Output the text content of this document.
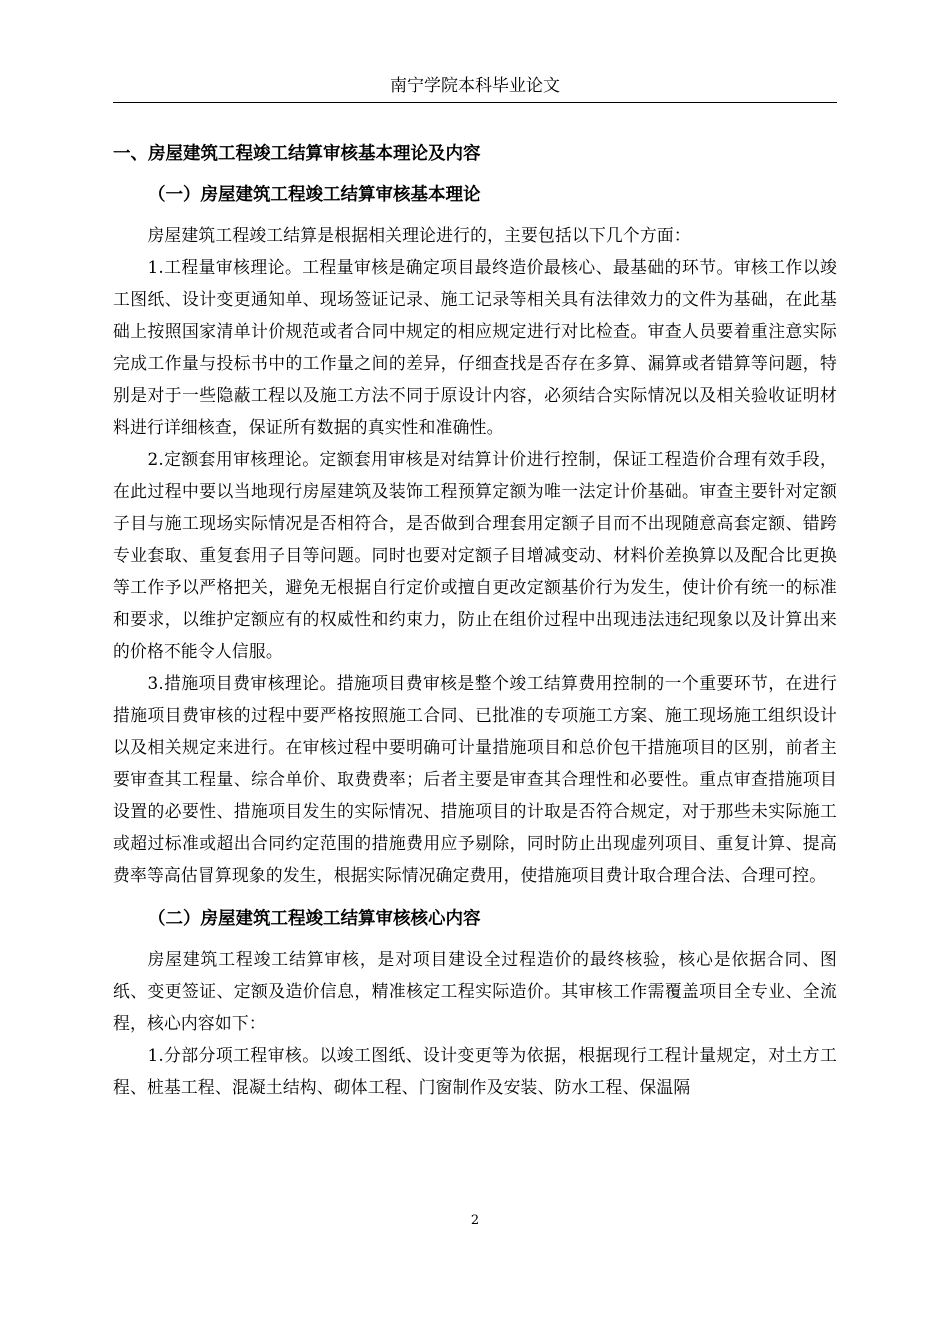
南宁学院本科毕业论文
一、房屋建筑工程竣工结算审核基本理论及内容
（一）房屋建筑工程竣工结算审核基本理论

房屋建筑工程竣工结算是根据相关理论进行的，主要包括以下几个方面：

1.工程量审核理论。工程量审核是确定项目最终造价最核心、最基础的环节。审核工作以竣工图纸、设计变更通知单、现场签证记录、施工记录等相关具有法律效力的文件为基础，在此基础上按照国家清单计价规范或者合同中规定的相应规定进行对比检查。审查人员要着重注意实际完成工作量与投标书中的工作量之间的差异，仔细查找是否存在多算、漏算或者错算等问题，特别是对于一些隐蔽工程以及施工方法不同于原设计内容，必须结合实际情况以及相关验收证明材料进行详细核查，保证所有数据的真实性和准确性。

2.定额套用审核理论。定额套用审核是对结算计价进行控制，保证工程造价合理有效手段，在此过程中要以当地现行房屋建筑及装饰工程预算定额为唯一法定计价基础。审查主要针对定额子目与施工现场实际情况是否相符合，是否做到合理套用定额子目而不出现随意高套定额、错跨专业套取、重复套用子目等问题。同时也要对定额子目增减变动、材料价差换算以及配合比更换等工作予以严格把关，避免无根据自行定价或擅自更改定额基价行为发生，使计价有统一的标准和要求，以维护定额应有的权威性和约束力，防止在组价过程中出现违法违纪现象以及计算出来的价格不能令人信服。

3.措施项目费审核理论。措施项目费审核是整个竣工结算费用控制的一个重要环节，在进行措施项目费审核的过程中要严格按照施工合同、已批准的专项施工方案、施工现场施工组织设计以及相关规定来进行。在审核过程中要明确可计量措施项目和总价包干措施项目的区别，前者主要审查其工程量、综合单价、取费费率；后者主要是审查其合理性和必要性。重点审查措施项目设置的必要性、措施项目发生的实际情况、措施项目的计取是否符合规定，对于那些未实际施工或超过标准或超出合同约定范围的措施费用应予剔除，同时防止出现虚列项目、重复计算、提高费率等高估冒算现象的发生，根据实际情况确定费用，使措施项目费计取合理合法、合理可控。

（二）房屋建筑工程竣工结算审核核心内容

房屋建筑工程竣工结算审核，是对项目建设全过程造价的最终核验，核心是依据合同、图纸、变更签证、定额及造价信息，精准核定工程实际造价。其审核工作需覆盖项目全专业、全流程，核心内容如下：

1.分部分项工程审核。以竣工图纸、设计变更等为依据，根据现行工程计量规定，对土方工程、桩基工程、混凝土结构、砌体工程、门窗制作及安装、防水工程、保温隔

2
